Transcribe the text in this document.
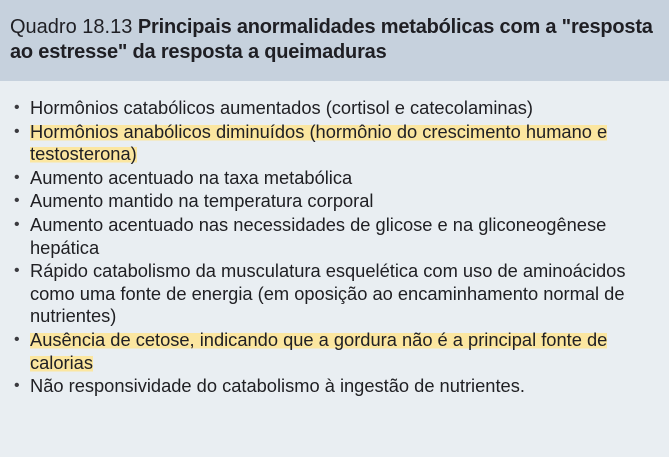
Quadro 18.13 Principais anormalidades metabólicas com a "resposta ao estresse" da resposta a queimaduras
• Hormônios catabólicos aumentados (cortisol e catecolaminas)
• Hormônios anabólicos diminuídos (hormônio do crescimento humano e testosterona)
• Aumento acentuado na taxa metabólica
• Aumento mantido na temperatura corporal
• Aumento acentuado nas necessidades de glicose e na gliconeogênese hepática
• Rápido catabolismo da musculatura esquelética com uso de aminoácidos como uma fonte de energia (em oposição ao encaminhamento normal de nutrientes)
• Ausência de cetose, indicando que a gordura não é a principal fonte de calorias
• Não responsividade do catabolismo à ingestão de nutrientes.
